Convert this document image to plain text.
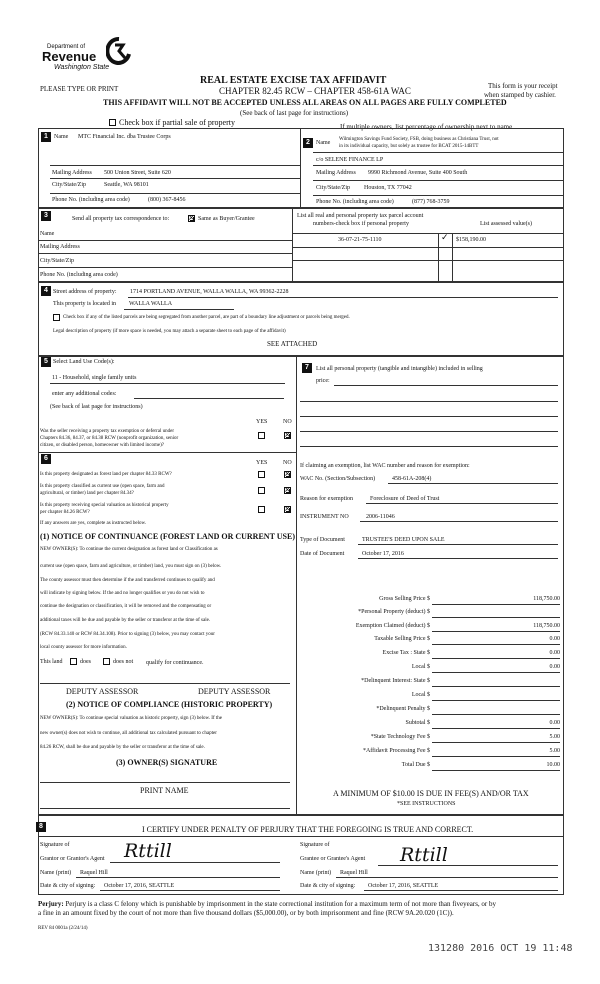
Department of
Revenue
Washington State
PLEASE TYPE OR PRINT
REAL ESTATE EXCISE TAX AFFIDAVIT
CHAPTER 82.45 RCW – CHAPTER 458-61A WAC	This form is your receipt
when stamped by cashier.
THIS AFFIDAVIT WILL NOT BE ACCEPTED UNLESS ALL AREAS ON ALL PAGES ARE FULLY COMPLETED
(See back of last page for instructions)
Check box if partial sale of property	If multiple owners, list percentage of ownership next to name.
1	Name MTC Financial Inc. dba Trustee Corps
Mailing Address 500 Union Street, Suite 620
City/State/Zip	Seattle, WA 98101
Phone No. (including area code)	(800) 367-8456
2	Name
Wilmington Savings Fund Society, FSB, doing business as Christiana Trust, not
in its individual capacity, but solely as trustee for BCAT 2015-14BTT
c/o SELENE FINANCE LP
Mailing Address 9990 Richmond Avenue, Suite 400 South
City/State/Zip Houston, TX 77042
Phone No. (including area code)	(877) 768-3759
3	Send all property tax correspondence to:
×	Same as Buyer/Grantee
Name
Mailing Address
City/State/Zip
Phone No. (including area code)
List all real and personal property tax parcel account
numbers-check box if personal property	List assessed value(s)
36-07-21-75-1110	✓ $158,190.00
4 Street address of property: 1714 PORTLAND AVENUE, WALLA WALLA, WA 99362-2228
This property is located in WALLA WALLA
Check box if any of the listed parcels are being segregated from another parcel, are part of a boundary line adjustment or parcels being merged.
Legal description of property (if more space is needed, you may attach a separate sheet to each page of the affidavit)
SEE ATTACHED
5 Select Land Use Code(s):
11 - Household, single family units
enter any additional codes:
(See back of last page for instructions)
YES	NO
Was the seller receiving a property tax exemption or deferral under
Chapters 84.36, 84.37, or 84.38 RCW (nonprofit organization, senior
citizen, or disabled person, homeowner with limited income)?
×
6
YES	NO
Is this property designated as forest land per chapter 84.33 RCW?
×
Is this property classified as current use (open space, farm and
agricultural, or timber) land per chapter 84.34?
×
Is this property receiving special valuation as historical property
per chapter 84.26 RCW?
×
If any answers are yes, complete as instructed below.
(1) NOTICE OF CONTINUANCE (FOREST LAND OR CURRENT USE)
NEW OWNER(S): To continue the current designation as forest land or Classification as
current use (open space, farm and agriculture, or timber) land, you must sign on (3) below.
The county assessor must then determine if the and transferred continues to qualify and
will indicate by signing below. If the and no longer qualifies or you do not wish to
continue the designation or classification, it will be removed and the compensating or
additional taxes will be due and payable by the seller or transferor at the time of sale.
(RCW 84.33.140 or RCW 84.34.108). Prior to signing (3) below, you may contact your
local county assessor for more information.
This land	does	does not qualify for continuance.
DEPUTY ASSESSOR	DEPUTY ASSESSOR
(2) NOTICE OF COMPLIANCE (HISTORIC PROPERTY)
NEW OWNER(S): To continue special valuation as historic property, sign (3) below. If the
new owner(s) does not wish to continue, all additional tax calculated pursuant to chapter
84.26 RCW, shall be due and payable by the seller or transferor at the time of sale.
(3) OWNER(S) SIGNATURE
PRINT NAME
7	List all personal property (tangible and intangible) included in selling
price:
If claiming an exemption, list WAC number and reason for exemption:
WAC No. (Section/Subsection)	458-61A-208(4)
Reason for exemption	Foreclosure of Deed of Trust
INSTRUMENT NO	2006-11046
Type of Document	TRUSTEE'S DEED UPON SALE
Date of Document	October 17, 2016
Gross Selling Price $	118,750.00
*Personal Property (deduct) $
Exemption Claimed (deduct) $	118,750.00
Taxable Selling Price $	0.00
Excise Tax : State $	0.00
Local $	0.00
*Delinquent Interest: State $
Local $
*Delinquent Penalty $
Subtotal $	0.00
*State Technology Fee $	5.00
*Affidavit Processing Fee $	5.00
Total Due $	10.00
A MINIMUM OF $10.00 IS DUE IN FEE(S) AND/OR TAX
*SEE INSTRUCTIONS
8	I CERTIFY UNDER PENALTY OF PERJURY THAT THE FOREGOING IS TRUE AND CORRECT.
Signature of
Grantor or Grantor's Agent Rttill
Name (print) Raquel Hill
Date & city of signing: October 17, 2016, SEATTLE
Signature of
Grantee or Grantee's Agent Rttill
Name (print) Raquel Hill
Date & city of signing: October 17, 2016, SEATTLE
Perjury: Perjury is a class C felony which is punishable by imprisonment in the state correctional institution for a maximum term of not more than fiveyears, or by
a fine in an amount fixed by the court of not more than five thousand dollars ($5,000.00), or by both imprisonment and fine (RCW 9A.20.020 (1C)).
REV 84 0001a (2/24/14)
131280 2016 OCT 19 11:48
